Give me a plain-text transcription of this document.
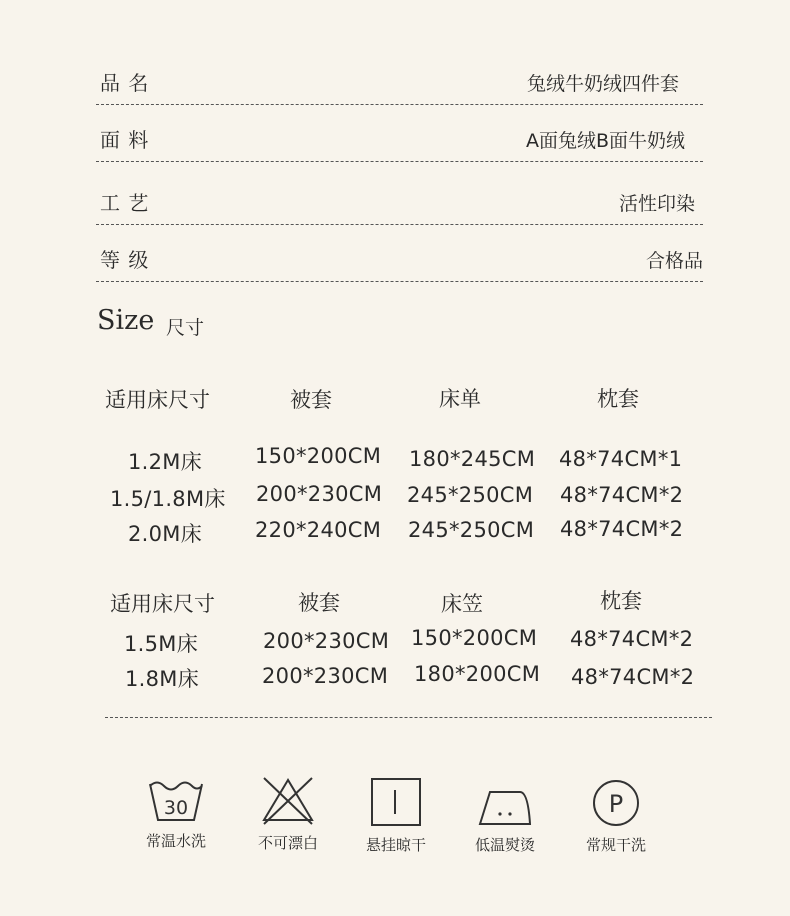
品 名	兔绒牛奶绒四件套
面 料	A面兔绒B面牛奶绒
工 艺	活性印染
等 级	合格品
Size 尺寸
适用床尺寸	被套	床单	枕套
1.2M床	150*200CM 180*245CM 48*74CM*1
1.5/1.8M床 200*230CM 245*250CM 48*74CM*2
2.0M床	220*240CM 245*250CM 48*74CM*2
适用床尺寸	被套	床笠	枕套
1.5M床	200*230CM 150*200CM 48*74CM*2
1.8M床	200*230CM 180*200CM 48*74CM*2
30
常温水洗	不可漂白	悬挂晾干	低温熨烫
P
常规干洗
